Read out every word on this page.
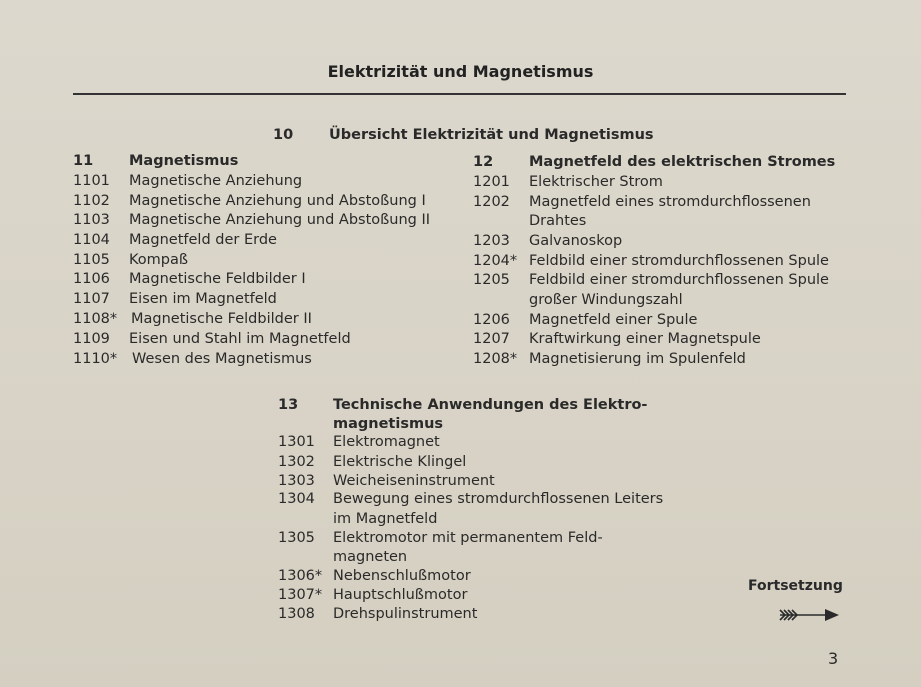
Elektrizität und Magnetismus
10 Übersicht Elektrizität und Magnetismus
11 Magnetismus
1101 Magnetische Anziehung
1102 Magnetische Anziehung und Abstoßung I
1103 Magnetische Anziehung und Abstoßung II
1104 Magnetfeld der Erde
1105 Kompaß
1106 Magnetische Feldbilder I
1107 Eisen im Magnetfeld
1108* Magnetische Feldbilder II
1109 Eisen und Stahl im Magnetfeld
1110* Wesen des Magnetismus
12 Magnetfeld des elektrischen Stromes
1201 Elektrischer Strom
1202 Magnetfeld eines stromdurchflossenen
Drahtes
1203 Galvanoskop
1204* Feldbild einer stromdurchflossenen Spule
1205 Feldbild einer stromdurchflossenen Spule
großer Windungszahl
1206 Magnetfeld einer Spule
1207 Kraftwirkung einer Magnetspule
1208* Magnetisierung im Spulenfeld
13 Technische Anwendungen des Elektro-
magnetismus
1301 Elektromagnet
1302 Elektrische Klingel
1303 Weicheiseninstrument
1304 Bewegung eines stromdurchflossenen Leiters
im Magnetfeld
1305 Elektromotor mit permanentem Feld-
magneten
1306* Nebenschlußmotor
1307* Hauptschlußmotor
1308 Drehspulinstrument
Fortsetzung
3
